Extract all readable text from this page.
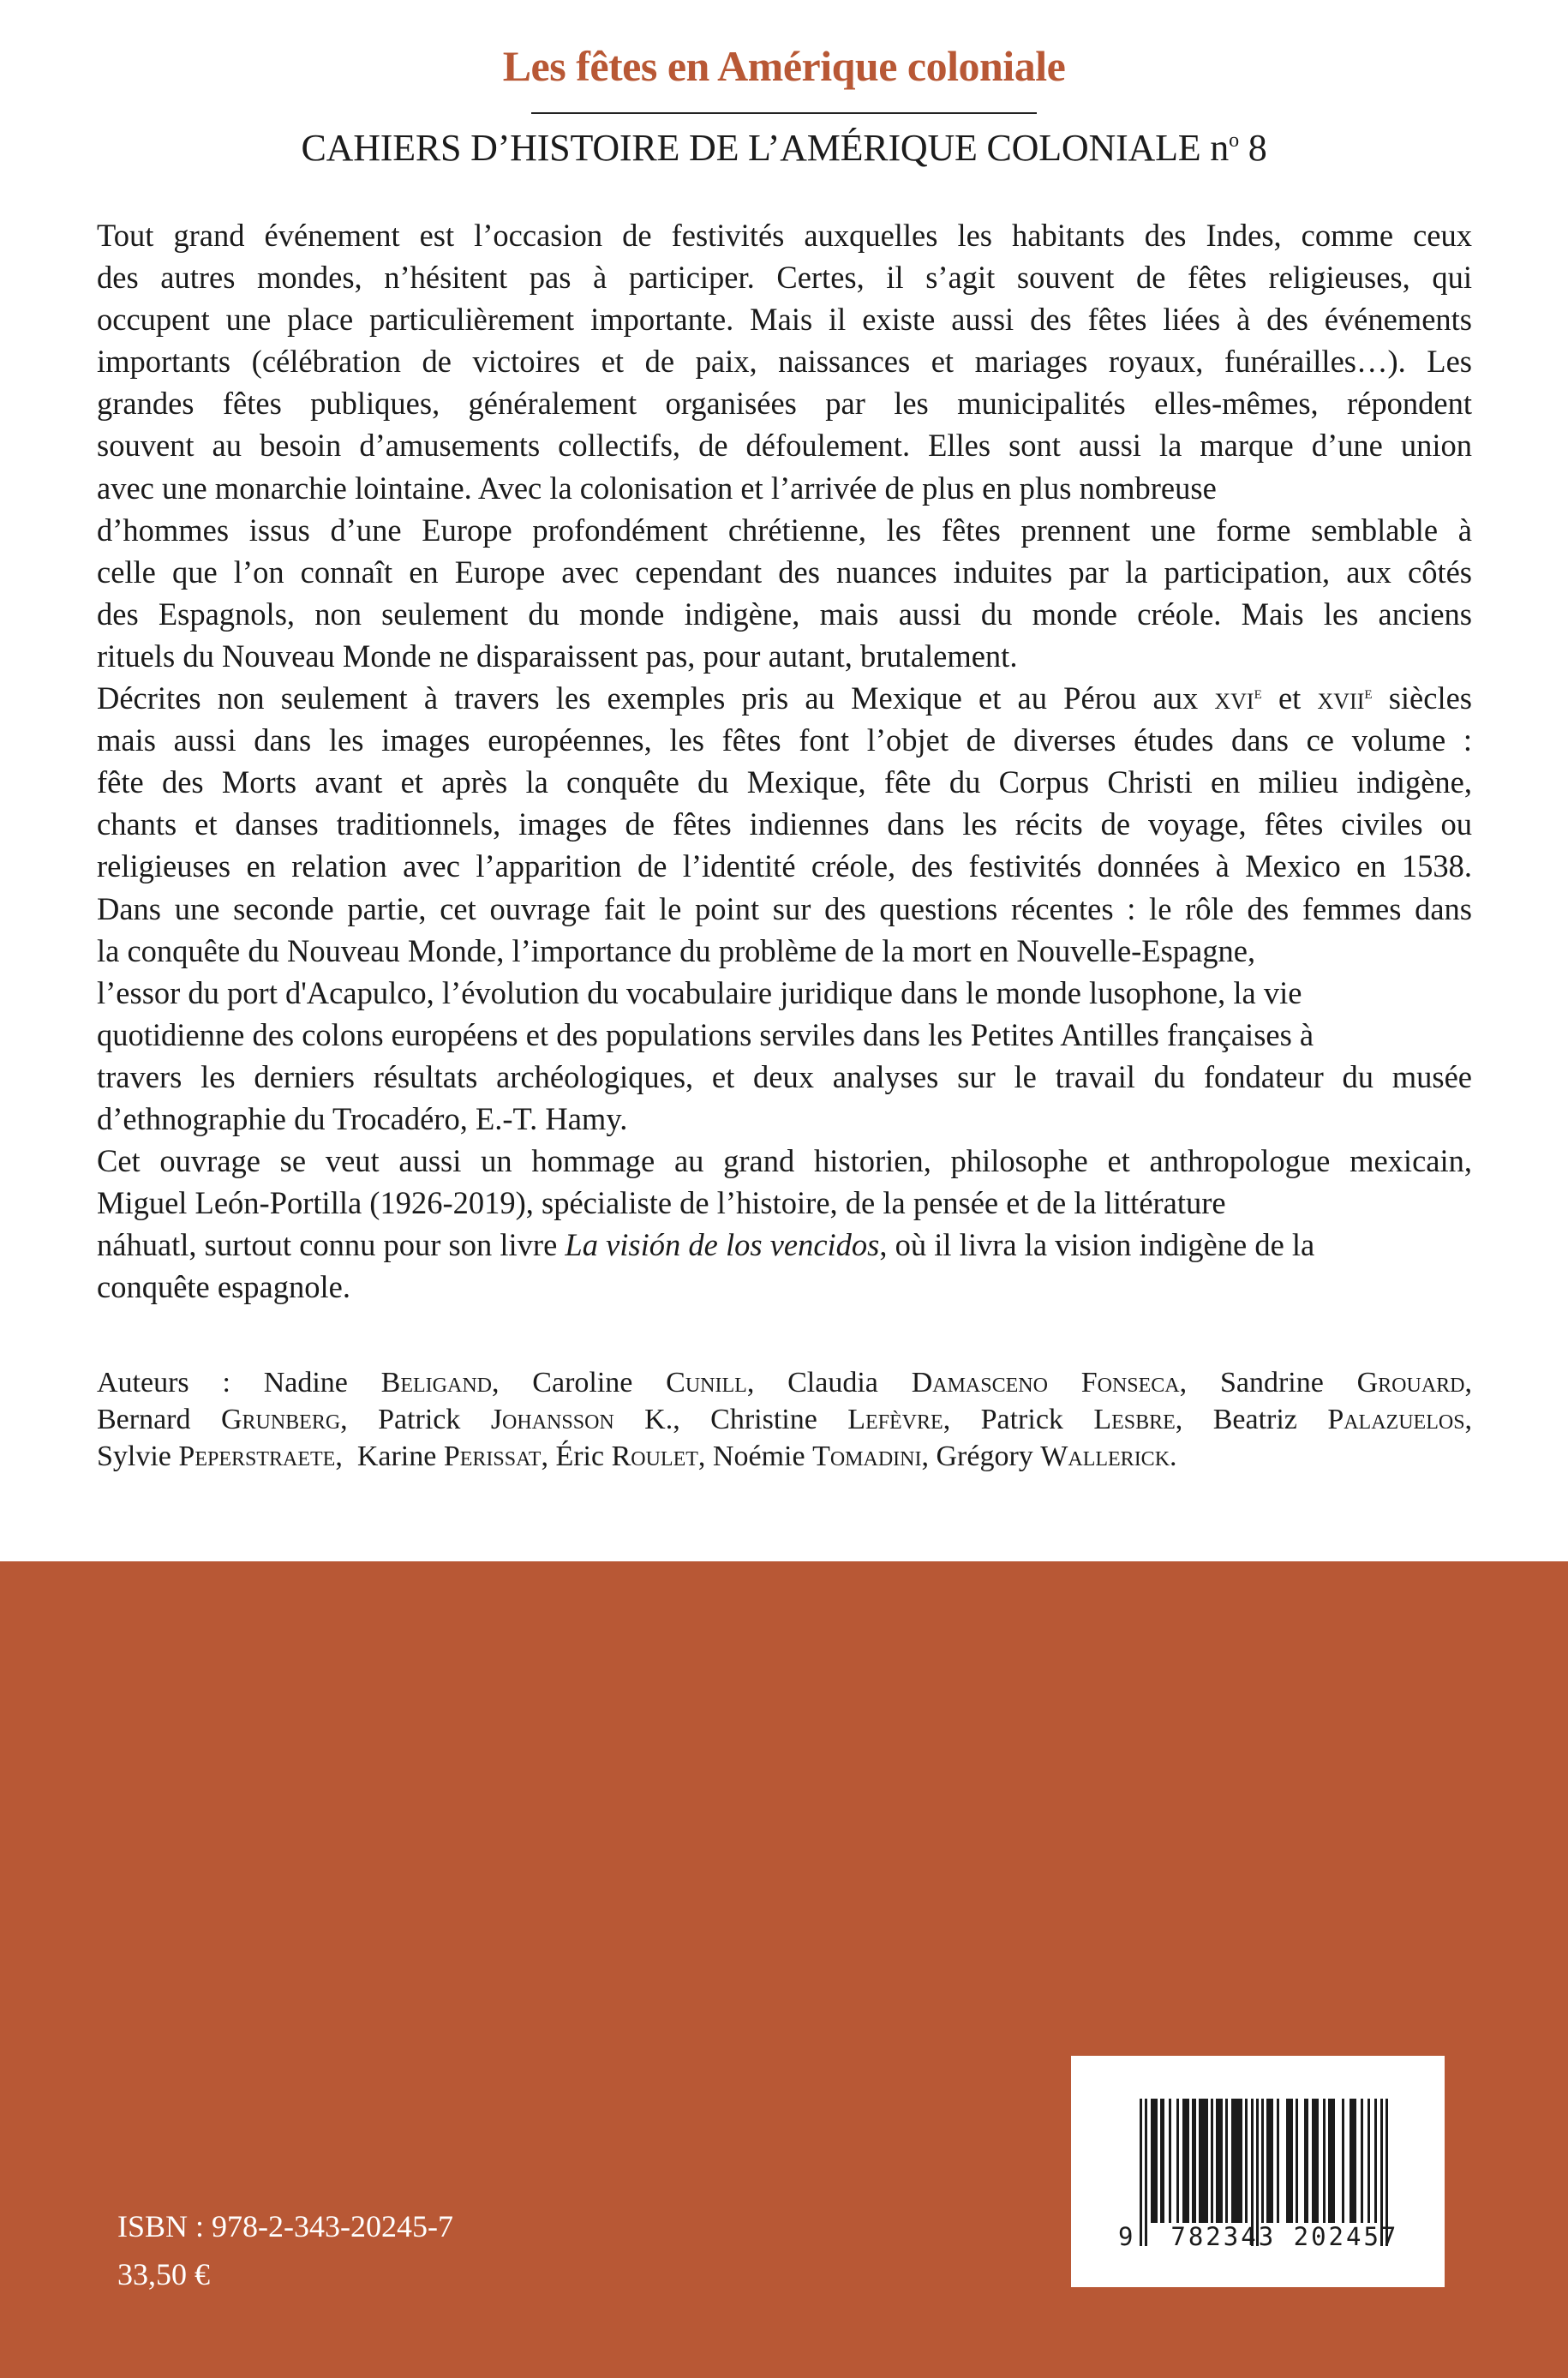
Les fêtes en Amérique coloniale
CAHIERS D’HISTOIRE DE L’AMÉRIQUE COLONIALE $n^o$ 8
Tout grand événement est l’occasion de festivités auxquelles les habitants des Indes, comme ceux
des autres mondes, n’hésitent pas à participer. Certes, il s’agit souvent de fêtes religieuses, qui
occupent une place particulièrement importante. Mais il existe aussi des fêtes liées à des événements
importants (célébration de victoires et de paix, naissances et mariages royaux, funérailles…). Les
grandes fêtes publiques, généralement organisées par les municipalités elles-mêmes, répondent
souvent au besoin d’amusements collectifs, de défoulement. Elles sont aussi la marque d’une union
avec une monarchie lointaine. Avec la colonisation et l’arrivée de plus en plus nombreuse
d’hommes issus d’une Europe profondément chrétienne, les fêtes prennent une forme semblable à
celle que l’on connaît en Europe avec cependant des nuances induites par la participation, aux côtés
des Espagnols, non seulement du monde indigène, mais aussi du monde créole. Mais les anciens
rituels du Nouveau Monde ne disparaissent pas, pour autant, brutalement.
Décrites non seulement à travers les exemples pris au Mexique et au Pérou aux xvi$^e$ et xvii$^e$ siècles
mais aussi dans les images européennes, les fêtes font l’objet de diverses études dans ce volume :
fête des Morts avant et après la conquête du Mexique, fête du Corpus Christi en milieu indigène,
chants et danses traditionnels, images de fêtes indiennes dans les récits de voyage, fêtes civiles ou
religieuses en relation avec l’apparition de l’identité créole, des festivités données à Mexico en 1538.
Dans une seconde partie, cet ouvrage fait le point sur des questions récentes : le rôle des femmes dans
la conquête du Nouveau Monde, l’importance du problème de la mort en Nouvelle-Espagne,
l’essor du port d'Acapulco, l’évolution du vocabulaire juridique dans le monde lusophone, la vie
quotidienne des colons européens et des populations serviles dans les Petites Antilles françaises à
travers les derniers résultats archéologiques, et deux analyses sur le travail du fondateur du musée
d’ethnographie du Trocadéro, E.-T. Hamy.
Cet ouvrage se veut aussi un hommage au grand historien, philosophe et anthropologue mexicain,
Miguel León-Portilla (1926-2019), spécialiste de l’histoire, de la pensée et de la littérature
náhuatl, surtout connu pour son livre La visión de los vencidos, où il livra la vision indigène de la
conquête espagnole.
Auteurs : Nadine Beligand, Caroline Cunill, Claudia Damasceno Fonseca, Sandrine Grouard,
Bernard Grunberg, Patrick Johansson K., Christine Lefèvre, Patrick Lesbre, Beatriz Palazuelos,
Sylvie Peperstraete,  Karine Perissat, Éric Roulet, Noémie Tomadini, Grégory Wallerick.
ISBN : 978-2-343-20245-7
33,50 €
9 782343 202457
